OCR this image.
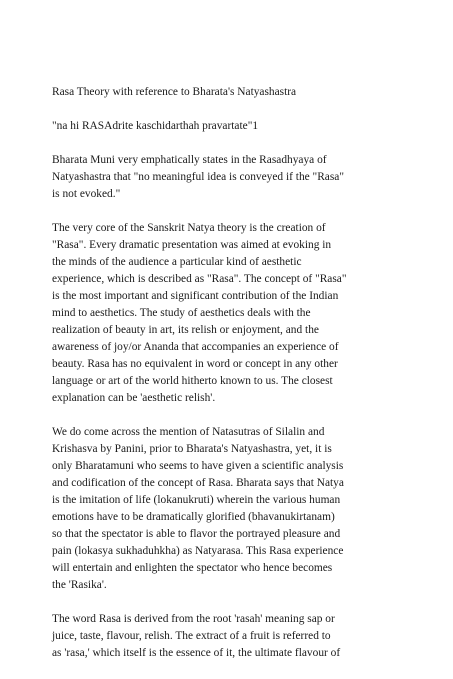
Rasa Theory with reference to Bharata's Natyashastra

"na hi RASAdrite kaschidarthah pravartate"1

Bharata Muni very emphatically states in the Rasadhyaya of
Natyashastra that "no meaningful idea is conveyed if the "Rasa"
is not evoked."

The very core of the Sanskrit Natya theory is the creation of
"Rasa". Every dramatic presentation was aimed at evoking in
the minds of the audience a particular kind of aesthetic
experience, which is described as "Rasa". The concept of "Rasa"
is the most important and significant contribution of the Indian
mind to aesthetics. The study of aesthetics deals with the
realization of beauty in art, its relish or enjoyment, and the
awareness of joy/or Ananda that accompanies an experience of
beauty. Rasa has no equivalent in word or concept in any other
language or art of the world hitherto known to us. The closest
explanation can be 'aesthetic relish'.

We do come across the mention of Natasutras of Silalin and
Krishasva by Panini, prior to Bharata's Natyashastra, yet, it is
only Bharatamuni who seems to have given a scientific analysis
and codification of the concept of Rasa. Bharata says that Natya
is the imitation of life (lokanukruti) wherein the various human
emotions have to be dramatically glorified (bhavanukirtanam)
so that the spectator is able to flavor the portrayed pleasure and
pain (lokasya sukhaduhkha) as Natyarasa. This Rasa experience
will entertain and enlighten the spectator who hence becomes
the 'Rasika'.

The word Rasa is derived from the root 'rasah' meaning sap or
juice, taste, flavour, relish. The extract of a fruit is referred to
as 'rasa,' which itself is the essence of it, the ultimate flavour of
